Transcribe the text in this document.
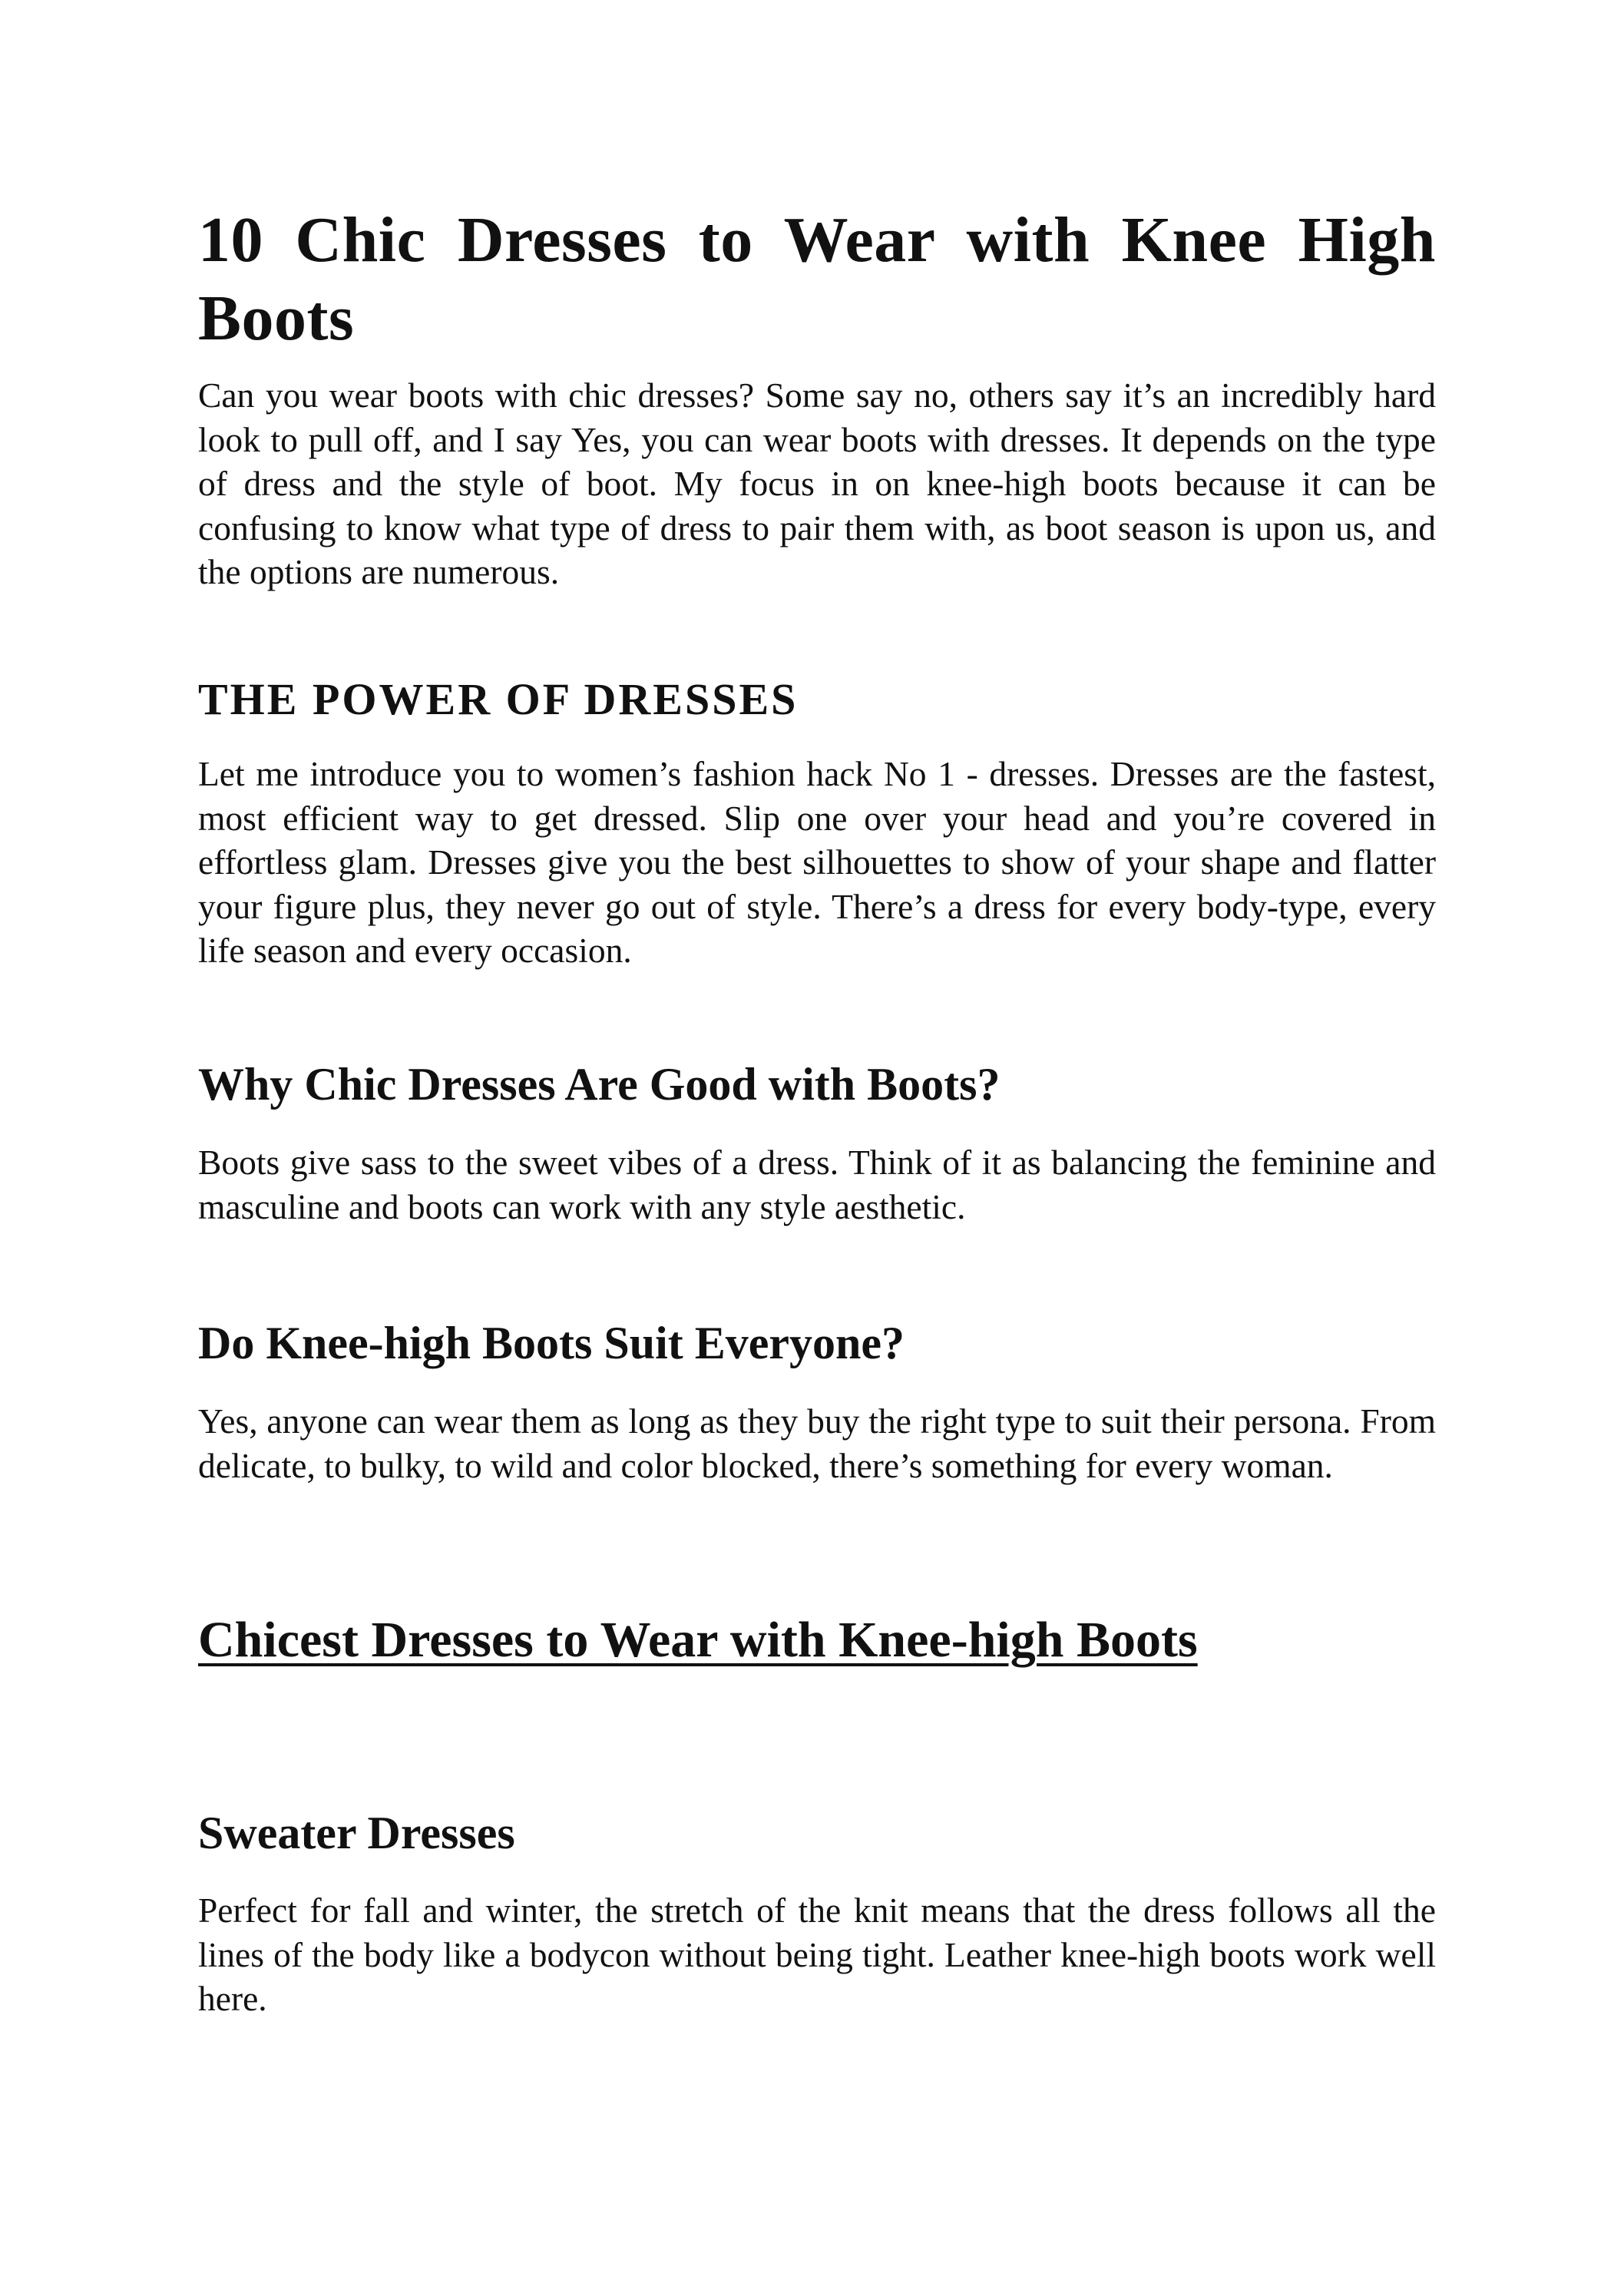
10 Chic Dresses to Wear with Knee High Boots

Can you wear boots with chic dresses? Some say no, others say it’s an incredibly hard look to pull off, and I say Yes, you can wear boots with dresses. It depends on the type of dress and the style of boot. My focus in on knee-high boots because it can be confusing to know what type of dress to pair them with, as boot season is upon us, and the options are numerous.

THE POWER OF DRESSES

Let me introduce you to women’s fashion hack No 1 - dresses. Dresses are the fastest, most efficient way to get dressed. Slip one over your head and you’re covered in effortless glam. Dresses give you the best silhouettes to show of your shape and flatter your figure plus, they never go out of style. There’s a dress for every body-type, every life season and every occasion.

Why Chic Dresses Are Good with Boots?

Boots give sass to the sweet vibes of a dress. Think of it as balancing the feminine and masculine and boots can work with any style aesthetic.

Do Knee-high Boots Suit Everyone?

Yes, anyone can wear them as long as they buy the right type to suit their persona. From delicate, to bulky, to wild and color blocked, there’s something for every woman.

Chicest Dresses to Wear with Knee-high Boots
Sweater Dresses

Perfect for fall and winter, the stretch of the knit means that the dress follows all the lines of the body like a bodycon without being tight. Leather knee-high boots work well here.
